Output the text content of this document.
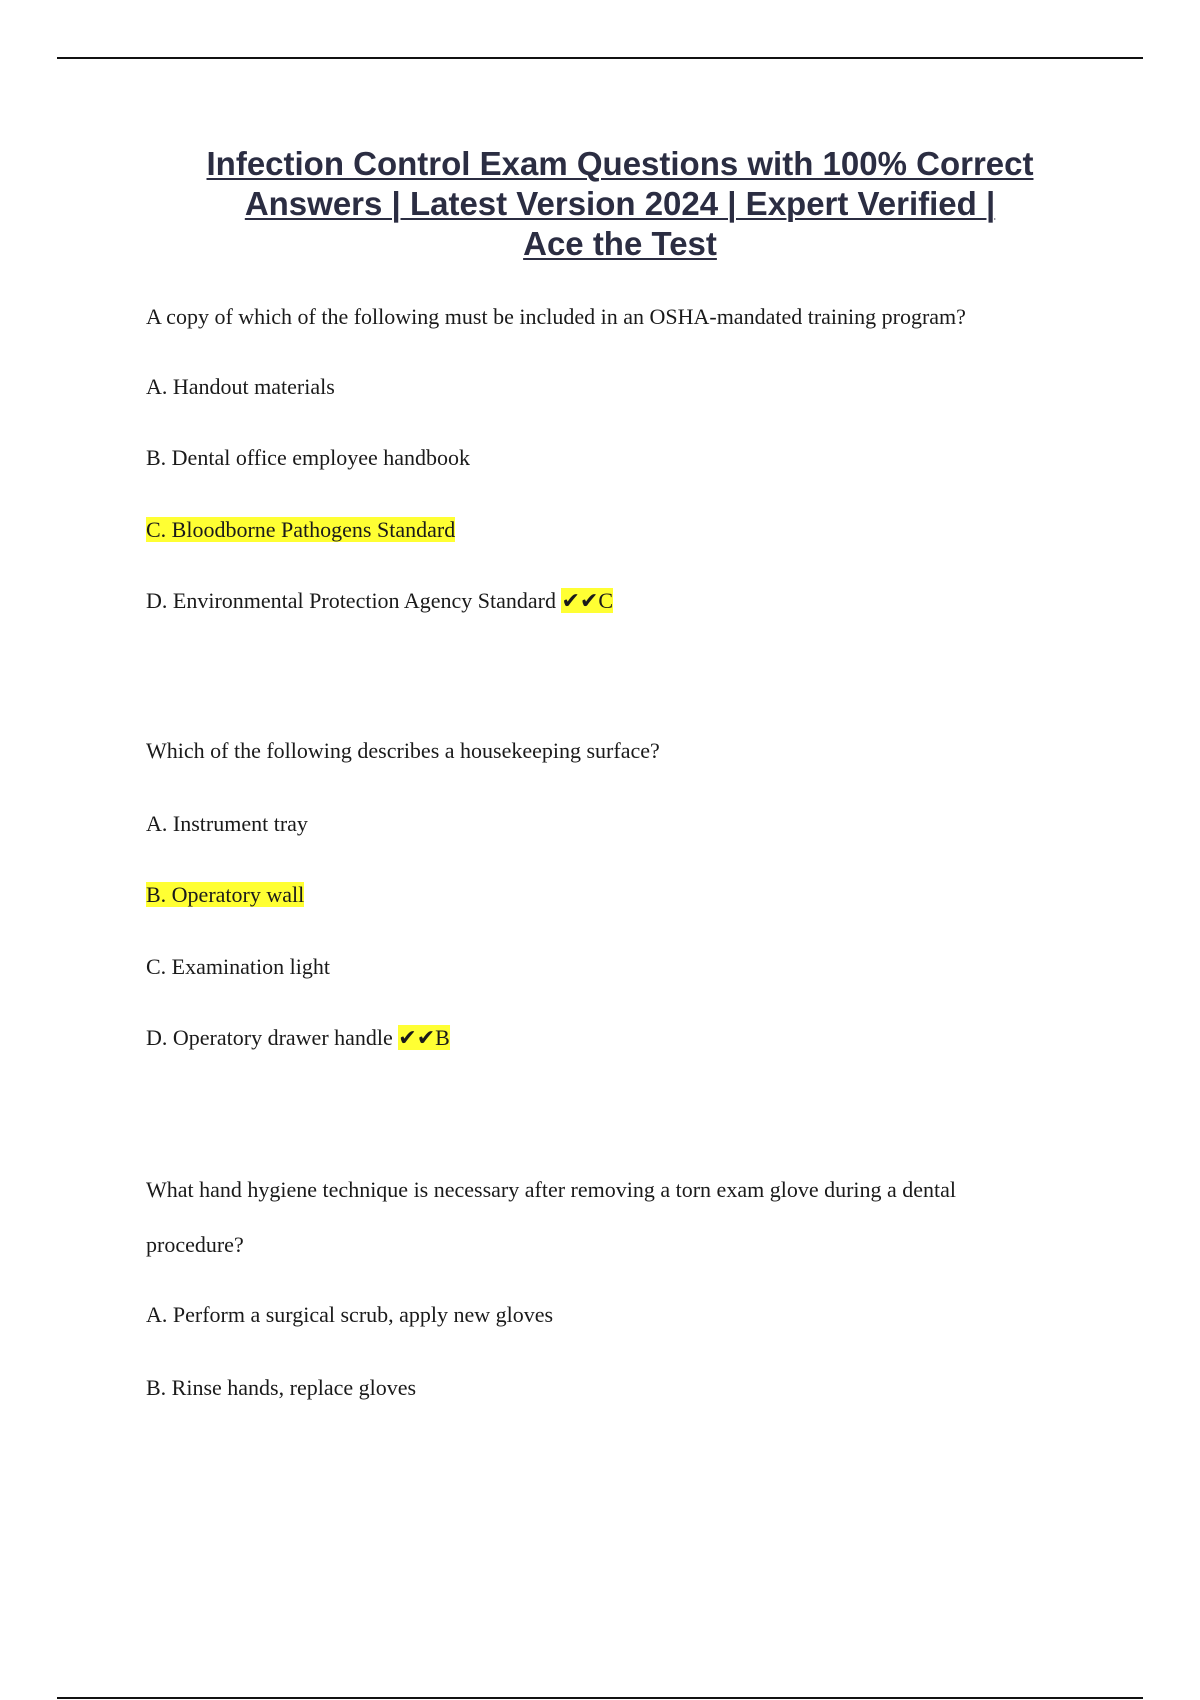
Infection Control Exam Questions with 100% Correct
Answers | Latest Version 2024 | Expert Verified |
Ace the Test

A copy of which of the following must be included in an OSHA-mandated training program?

A. Handout materials

B. Dental office employee handbook

C. Bloodborne Pathogens Standard

D. Environmental Protection Agency Standard ✔✔C

Which of the following describes a housekeeping surface?

A. Instrument tray

B. Operatory wall

C. Examination light

D. Operatory drawer handle ✔✔B

What hand hygiene technique is necessary after removing a torn exam glove during a dental

procedure?

A. Perform a surgical scrub, apply new gloves

B. Rinse hands, replace gloves
